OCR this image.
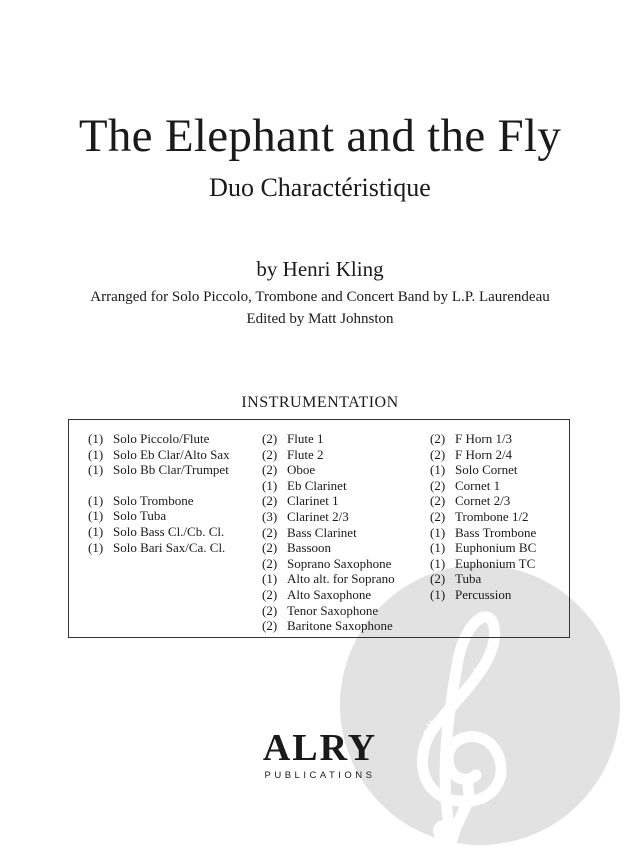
alle-noten.de
The Elephant and the Fly
Duo Charactéristique
by Henri Kling
Arranged for Solo Piccolo, Trombone and Concert Band by L.P. Laurendeau
Edited by Matt Johnston
INSTRUMENTATION
(1) Solo Piccolo/Flute
(1) Solo Eb Clar/Alto Sax
(1) Solo Bb Clar/Trumpet
(1) Solo Trombone
(1) Solo Tuba
(1) Solo Bass Cl./Cb. Cl.
(1) Solo Bari Sax/Ca. Cl.
(2) Flute 1
(2) Flute 2
(2) Oboe
(1) Eb Clarinet
(2) Clarinet 1
(3) Clarinet 2/3
(2) Bass Clarinet
(2) Bassoon
(2) Soprano Saxophone
(1) Alto alt. for Soprano
(2) Alto Saxophone
(2) Tenor Saxophone
(2) Baritone Saxophone
(2) F Horn 1/3
(2) F Horn 2/4
(1) Solo Cornet
(2) Cornet 1
(2) Cornet 2/3
(2) Trombone 1/2
(1) Bass Trombone
(1) Euphonium BC
(1) Euphonium TC
(2) Tuba
(1) Percussion
ALRY
PUBLICATIONS
